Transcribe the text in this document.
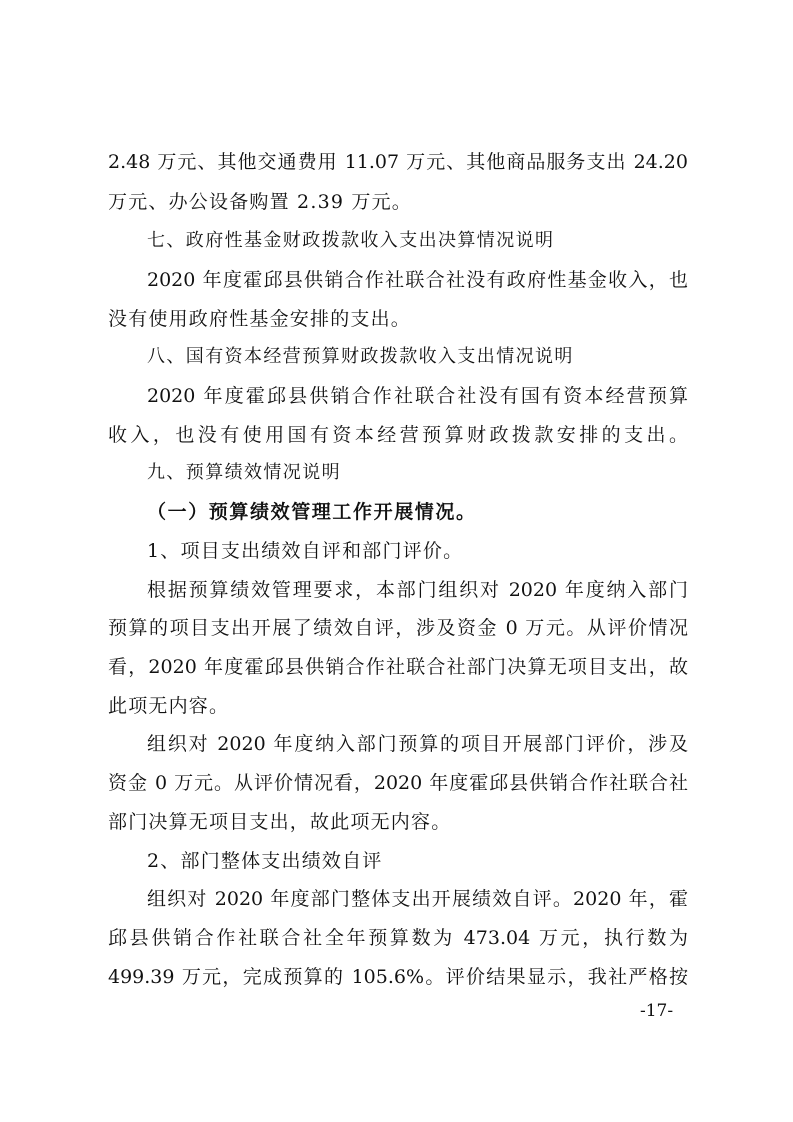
2.48 万元、其他交通费用 11.07 万元、其他商品服务支出 24.20
万元、办公设备购置 2.39 万元。
七、政府性基金财政拨款收入支出决算情况说明
2020 年度霍邱县供销合作社联合社没有政府性基金收入，也
没有使用政府性基金安排的支出。
八、国有资本经营预算财政拨款收入支出情况说明
2020 年度霍邱县供销合作社联合社没有国有资本经营预算
收入，也没有使用国有资本经营预算财政拨款安排的支出。
九、预算绩效情况说明
（一）预算绩效管理工作开展情况。
1、项目支出绩效自评和部门评价。
根据预算绩效管理要求，本部门组织对 2020 年度纳入部门
预算的项目支出开展了绩效自评，涉及资金 0 万元。从评价情况
看，2020 年度霍邱县供销合作社联合社部门决算无项目支出，故
此项无内容。
组织对 2020 年度纳入部门预算的项目开展部门评价，涉及
资金 0 万元。从评价情况看，2020 年度霍邱县供销合作社联合社
部门决算无项目支出，故此项无内容。
2、部门整体支出绩效自评
组织对 2020 年度部门整体支出开展绩效自评。2020 年，霍
邱县供销合作社联合社全年预算数为 473.04 万元，执行数为
499.39 万元，完成预算的 105.6%。评价结果显示，我社严格按
-17-
